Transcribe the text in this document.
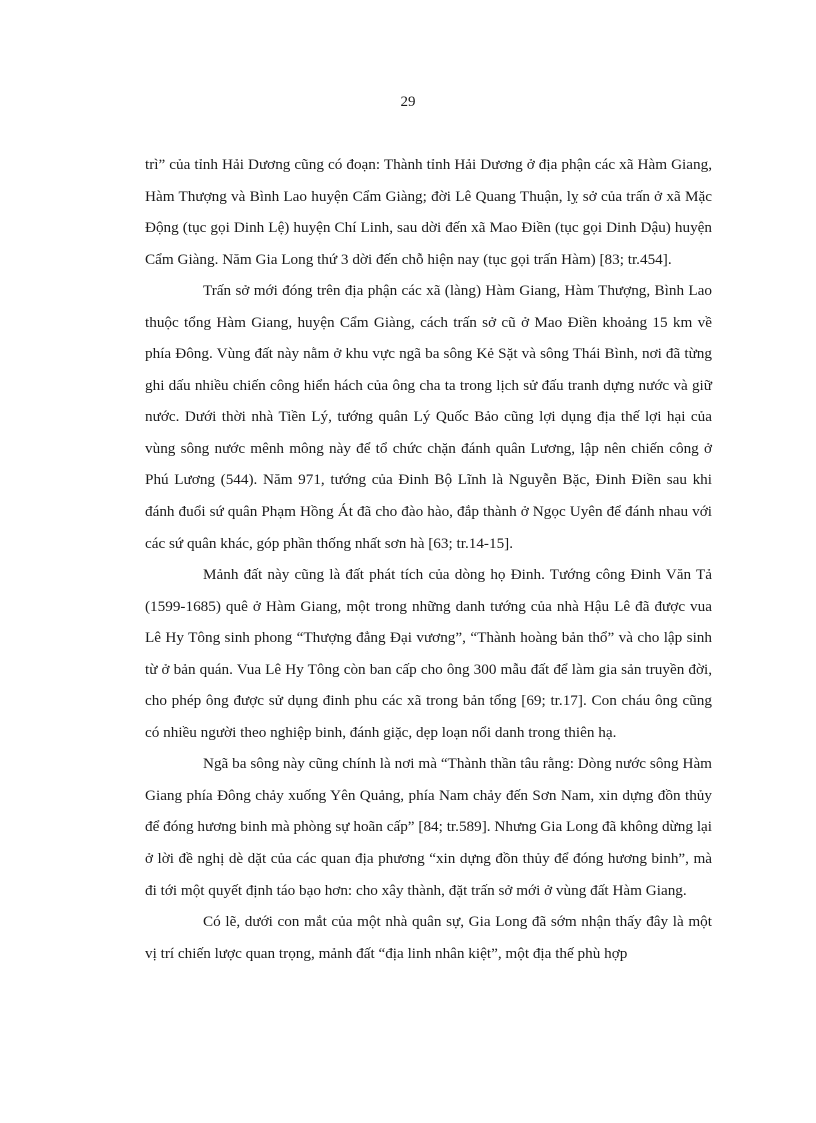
29

trì” của tỉnh Hải Dương cũng có đoạn: Thành tỉnh Hải Dương ở địa phận các xã Hàm Giang, Hàm Thượng và Bình Lao huyện Cẩm Giàng; đời Lê Quang Thuận, lỵ sở của trấn ở xã Mặc Động (tục gọi Dinh Lệ) huyện Chí Linh, sau dời đến xã Mao Điền (tục gọi Dinh Dậu) huyện Cẩm Giàng. Năm Gia Long thứ 3 dời đến chỗ hiện nay (tục gọi trấn Hàm) [83; tr.454].

Trấn sở mới đóng trên địa phận các xã (làng) Hàm Giang, Hàm Thượng, Bình Lao thuộc tổng Hàm Giang, huyện Cẩm Giàng, cách trấn sở cũ ở Mao Điền khoảng 15 km về phía Đông. Vùng đất này nằm ở khu vực ngã ba sông Kẻ Sặt và sông Thái Bình, nơi đã từng ghi dấu nhiều chiến công hiển hách của ông cha ta trong lịch sử đấu tranh dựng nước và giữ nước. Dưới thời nhà Tiền Lý, tướng quân Lý Quốc Bảo cũng lợi dụng địa thế lợi hại của vùng sông nước mênh mông này để tổ chức chặn đánh quân Lương, lập nên chiến công ở Phú Lương (544). Năm 971, tướng của Đinh Bộ Lĩnh là Nguyễn Bặc, Đinh Điền sau khi đánh đuổi sứ quân Phạm Hồng Át đã cho đào hào, đắp thành ở Ngọc Uyên để đánh nhau với các sứ quân khác, góp phần thống nhất sơn hà [63; tr.14-15].

Mảnh đất này cũng là đất phát tích của dòng họ Đinh. Tướng công Đinh Văn Tả (1599-1685) quê ở Hàm Giang, một trong những danh tướng của nhà Hậu Lê đã được vua Lê Hy Tông sinh phong “Thượng đẳng Đại vương”, “Thành hoàng bản thổ” và cho lập sinh từ ở bản quán. Vua Lê Hy Tông còn ban cấp cho ông 300 mẫu đất để làm gia sản truyền đời, cho phép ông được sử dụng đinh phu các xã trong bản tổng [69; tr.17]. Con cháu ông cũng có nhiều người theo nghiệp binh, đánh giặc, dẹp loạn nổi danh trong thiên hạ.

Ngã ba sông này cũng chính là nơi mà “Thành thần tâu rằng: Dòng nước sông Hàm Giang phía Đông chảy xuống Yên Quảng, phía Nam chảy đến Sơn Nam, xin dựng đồn thủy để đóng hương binh mà phòng sự hoãn cấp” [84; tr.589]. Nhưng Gia Long đã không dừng lại ở lời đề nghị dè dặt của các quan địa phương “xin dựng đồn thủy để đóng hương binh”, mà đi tới một quyết định táo bạo hơn: cho xây thành, đặt trấn sở mới ở vùng đất Hàm Giang.

Có lẽ, dưới con mắt của một nhà quân sự, Gia Long đã sớm nhận thấy đây là một vị trí chiến lược quan trọng, mảnh đất “địa linh nhân kiệt”, một địa thế phù hợp
